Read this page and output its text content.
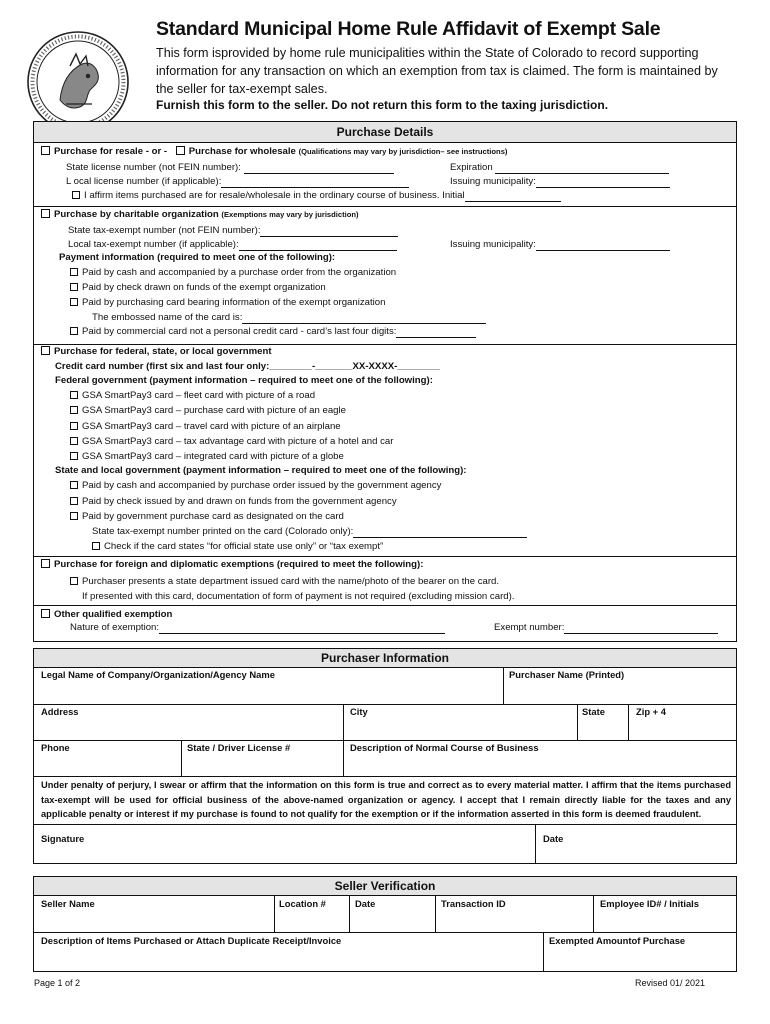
Standard Municipal Home Rule Affidavit of Exempt Sale
This form isprovided by home rule municipalities within the State of Colorado to record supporting information for any transaction on which an exemption from tax is claimed. The form is maintained by the seller for tax-exempt sales.
Furnish this form to the seller. Do not return this form to the taxing jurisdiction.
Purchase Details
Purchase for resale - or - Purchase for wholesale (Qualifications may vary by jurisdiction– see instructions)
State license number (not FEIN number):	Expiration
L ocal license number (if applicable):	Issuing municipality:
I affirm items purchased are for resale/wholesale in the ordinary course of business. Initial
Purchase by charitable organization (Exemptions may vary by jurisdiction)
State tax-exempt number (not FEIN number):
Local tax-exempt number (if applicable):	Issuing municipality:
Payment information (required to meet one of the following):
Paid by cash and accompanied by a purchase order from the organization
Paid by check drawn on funds of the exempt organization
Paid by purchasing card bearing information of the exempt organization
The embossed name of the card is:
Paid by commercial card not a personal credit card - card’s last four digits:
Purchase for federal, state, or local government
Credit card number (first six and last four only:________-_______XX-XXXX-________
Federal government (payment information – required to meet one of the following):
GSA SmartPay3 card – fleet card with picture of a road
GSA SmartPay3 card – purchase card with picture of an eagle
GSA SmartPay3 card – travel card with picture of an airplane
GSA SmartPay3 card – tax advantage card with picture of a hotel and car
GSA SmartPay3 card – integrated card with picture of a globe
State and local government (payment information – required to meet one of the following):
Paid by cash and accompanied by purchase order issued by the government agency
Paid by check issued by and drawn on funds from the government agency
Paid by government purchase card as designated on the card
State tax-exempt number printed on the card (Colorado only):
Check if the card states “for official state use only” or “tax exempt”
Purchase for foreign and diplomatic exemptions (required to meet the following):
Purchaser presents a state department issued card with the name/photo of the bearer on the card.
If presented with this card, documentation of form of payment is not required (excluding mission card).
Other qualified exemption
Nature of exemption:	Exempt number:
Purchaser Information
Legal Name of Company/Organization/Agency Name	Purchaser Name (Printed)
Address	City	State	Zip + 4
Phone	State / Driver License #	Description of Normal Course of Business
Under penalty of perjury, I swear or affirm that the information on this form is true and correct as to every material matter. I affirm that the items purchased tax-exempt will be used for official business of the above-named organization or agency. I accept that I remain directly liable for the taxes and any applicable penalty or interest if my purchase is found to not qualify for the exemption or if the information asserted in this form is deemed fraudulent.
Signature	Date
Seller Verification
Seller Name	Location #	Date	Transaction ID	Employee ID# / Initials
Description of Items Purchased or Attach Duplicate Receipt/Invoice	Exempted Amountof Purchase
Page 1 of 2	Revised 01/ 2021
